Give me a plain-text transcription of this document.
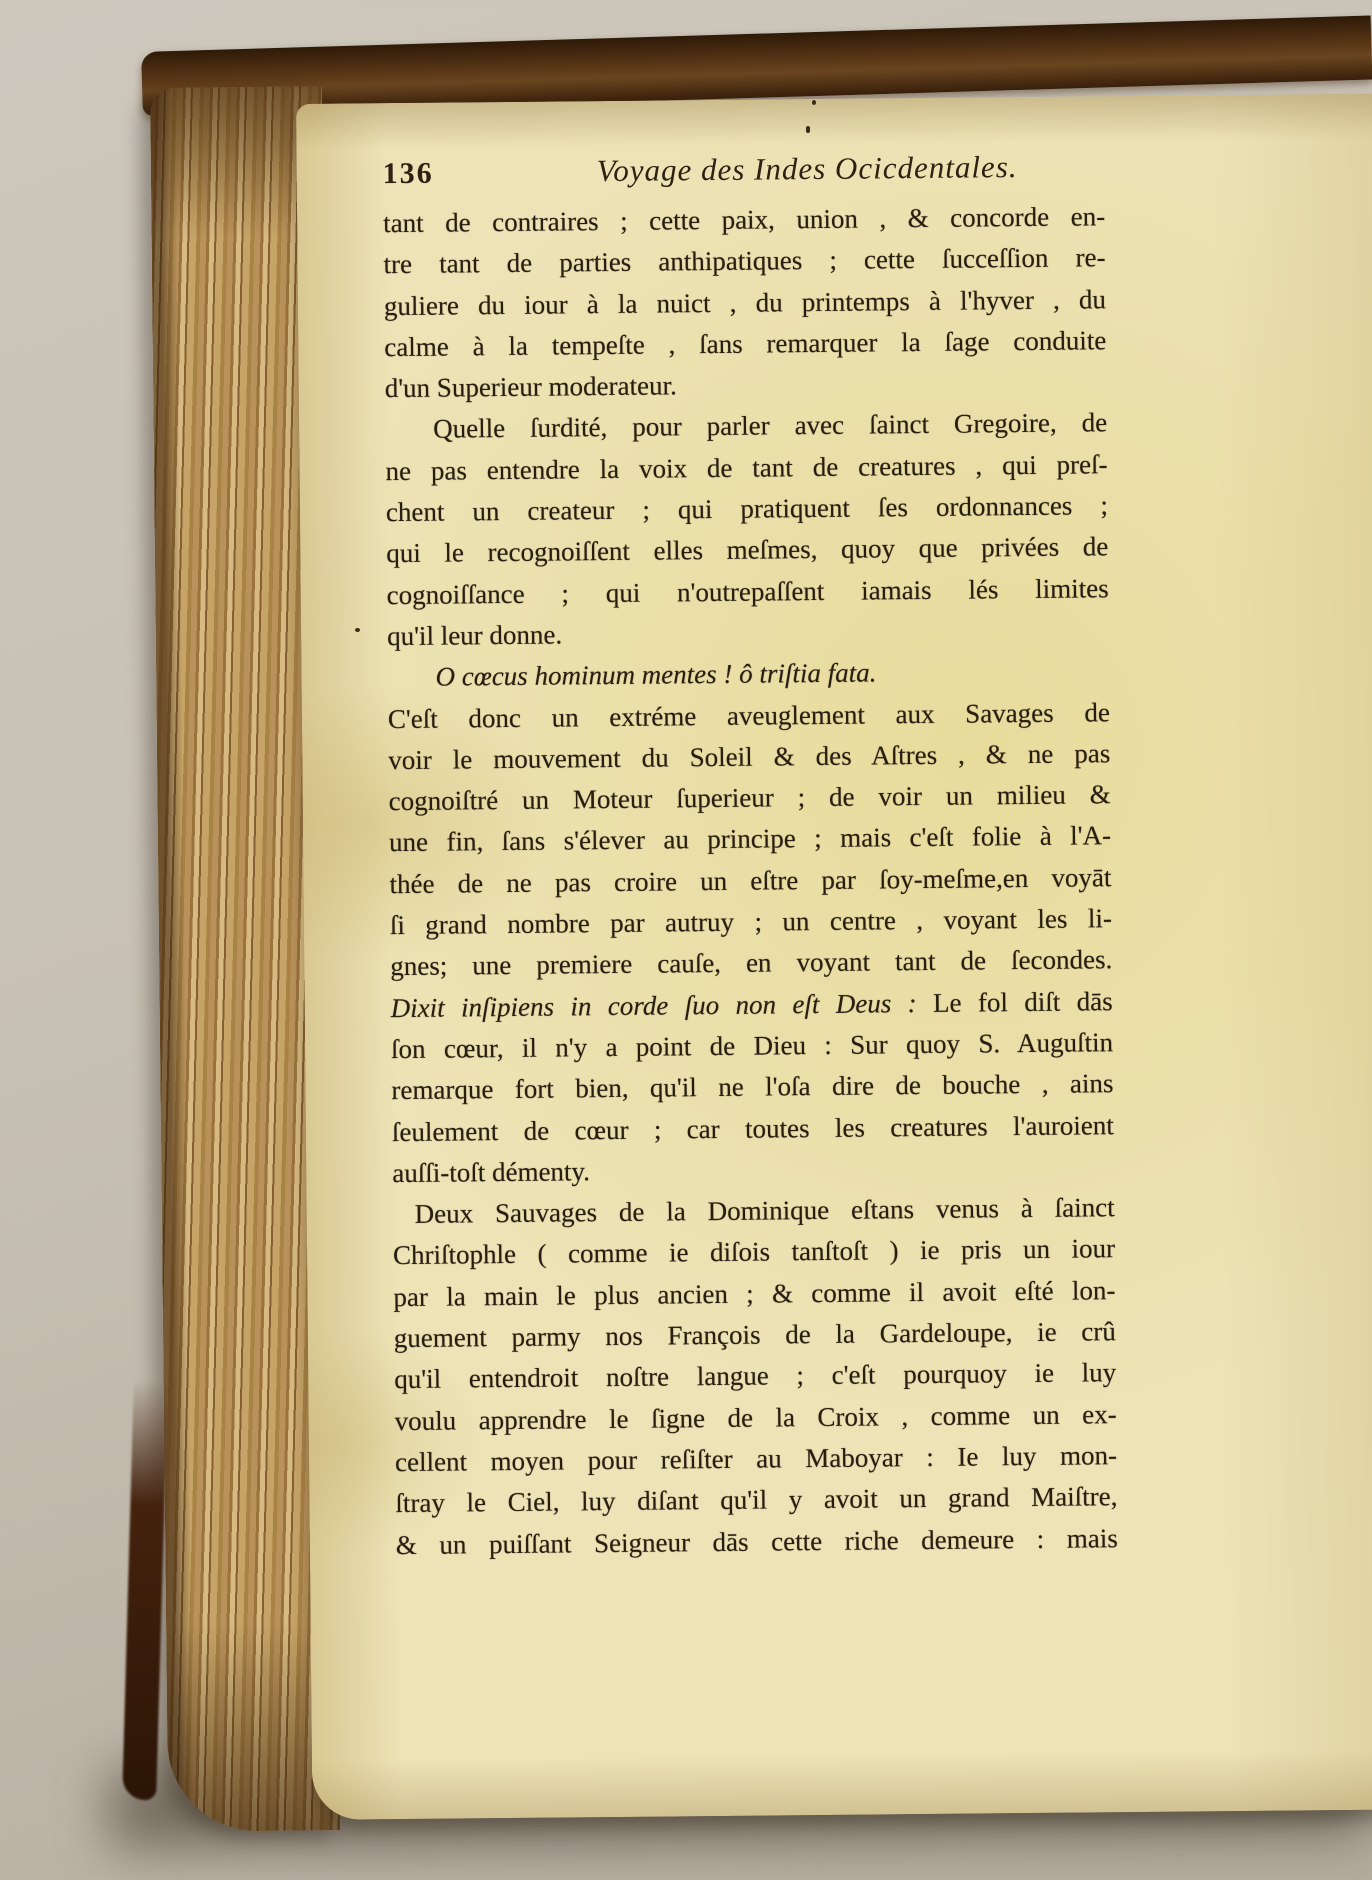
136	Voyage des Indes Ocicdentales.
tant de contraires ; cette paix, union , & concorde en-
tre tant de parties anthipatiques ; cette ſucceſſion re-
guliere du iour à la nuict , du printemps à l'hyver , du
calme à la tempeſte , ſans remarquer la ſage conduite
d'un Superieur moderateur.
Quelle ſurdité, pour parler avec ſainct Gregoire, de
ne pas entendre la voix de tant de creatures , qui preſ-
chent un createur ; qui pratiquent ſes ordonnances ;
qui le recognoiſſent elles meſmes, quoy que privées de
cognoiſſance ; qui n'outrepaſſent iamais lés limites
qu'il leur donne.
O cœcus hominum mentes ! ô triſtia fata.
C'eſt donc un extréme aveuglement aux Savages de
voir le mouvement du Soleil & des Aſtres , & ne pas
cognoiſtré un Moteur ſuperieur ; de voir un milieu &
une fin, ſans s'élever au principe ; mais c'eſt folie à l'A-
thée de ne pas croire un eſtre par ſoy-meſme,en voyāt
ſi grand nombre par autruy ; un centre , voyant les li-
gnes; une premiere cauſe, en voyant tant de ſecondes.
Dixit inſipiens in corde ſuo non eſt Deus : Le fol diſt dās
ſon cœur, il n'y a point de Dieu : Sur quoy S. Auguſtin
remarque fort bien, qu'il ne l'oſa dire de bouche , ains
ſeulement de cœur ; car toutes les creatures l'auroient
auſſi-toſt démenty.
Deux Sauvages de la Dominique eſtans venus à ſainct
Chriſtophle ( comme ie diſois tanſtoſt ) ie pris un iour
par la main le plus ancien ; & comme il avoit eſté lon-
guement parmy nos François de la Gardeloupe, ie crû
qu'il entendroit noſtre langue ; c'eſt pourquoy ie luy
voulu apprendre le ſigne de la Croix , comme un ex-
cellent moyen pour reſiſter au Maboyar : Ie luy mon-
ſtray le Ciel, luy diſant qu'il y avoit un grand Maiſtre,
& un puiſſant Seigneur dās cette riche demeure : mais
